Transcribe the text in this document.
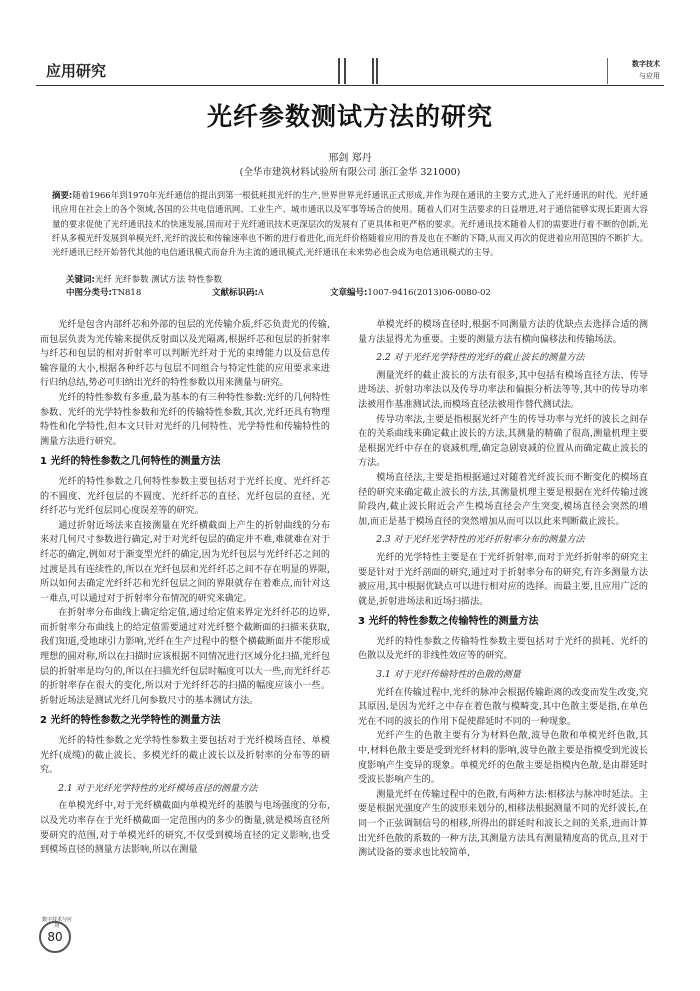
应用研究	数字技术
与应用
光纤参数测试方法的研究
邢剑 郑丹
(全华市建筑材料试验所有限公司 浙江金华 321000)
摘要:随着1966年到1970年光纤通信的提出到第一根低耗损光纤的生产,世界世界光纤通讯正式形成,并作为现在通讯的主要方式,进入了光纤通讯的时代。光纤通讯应用在社会上的各个领域,各国的公共电信通讯网、工业生产、城市通讯以及军事等场合的使用。随着人们对生活要求的日益增进,对于通信能够实现长距离大容量的要求促使了光纤通讯技术的快速发展,国而对于光纤通讯技术更深层次的发展有了更具体和更严格的要求。光纤通讯技术随着人们的需要进行着不断的创新,光纤从多模光纤发展到单模光纤,光纤的波长和传输速率也不断的进行着进化,而光纤价格随着应用的普及也在不断的下降,从而又再次的促进着应用范围的不断扩大。光纤通讯已经开始替代其他的电信通讯模式而奋升为主流的通讯模式,光纤通讯在未来势必也会成为电信通讯模式的主导。
关键词:光纤 光纤参数 测试方法 特性参数
中图分类号:TN818	文献标识码:A	文章编号:1007-9416(2013)06-0080-02

光纤是包含内部纤芯和外部的包层的光传输介质,纤芯负责光的传输,而包层负责为光传输来提供反射面以及光隔离,根据纤芯和包层的折射率与纤芯和包层的相对折射率可以判断光纤对于光的束缚能力以及信息传输容量的大小,根据各种纤芯与包层不同组合与特定性能的应用要求来进行归纳总结,势必可归纳出光纤的特性参数以用来测量与研究。

光纤的特性参数有多重,最为基本的有三种特性参数:光纤的几何特性参数、光纤的光学特性参数和光纤的传输特性参数,其次,光纤还具有物理特性和化学特性,但本文只针对光纤的几何特性、光学特性和传输特性的测量方法进行研究。

1 光纤的特性参数之几何特性的测量方法

光纤的特性参数之几何特性参数主要包括对于光纤长度、光纤纤芯的不圆度、光纤包层的不圆度、光纤纤芯的直径、光纤包层的直径、光纤纤芯与光纤包层同心度误差等的研究。

通过折射近场法来直接测量在光纤横截面上产生的折射曲线的分布来对几何尺寸参数进行确定,对于对光纤包层的确定并不难,难就难在对于纤芯的确定,例如对于渐变型光纤的确定,因为光纤包层与光纤纤芯之间的过渡是具有连续性的,所以在光纤包层和光纤纤芯之间不存在明显的界限,所以如何去确定光纤纤芯和光纤包层之间的界限就存在着难点,而针对这一难点,可以通过对于折射率分布情况的研究来确定。

在折射率分布曲线上确定给定值,通过给定值来界定光纤纤芯的边界,而折射率分布曲线上的给定值需要通过对光纤整个截断面的扫描来获取,我们知道,受地球引力影响,光纤在生产过程中的整个横截断面并不能形成理想的圆对称,所以在扫描时应该根据不同情况进行区域分化扫描,光纤包层的折射率是均匀的,所以在扫描光纤包层时幅度可以大一些,而光纤纤芯的折射率存在很大的变化,所以对于光纤纤芯的扫描的幅度应该小一些。折射近场法是测试光纤几何参数尺寸的基本测试方法。

2 光纤的特性参数之光学特性的测量方法

光纤的特性参数之光学特性参数主要包括对于光纤模场直径、单模光纤(成缆)的截止波长、多模光纤的截止波长以及折射率的分布等的研究。

2.1 对于光纤光学特性的光纤模场直径的测量方法

在单模光纤中,对于光纤横截面内单模光纤的基膜与电场强度的分布,以及光功率存在于光纤横截面一定范围内的多少的衡量,就是模场直径所要研究的范围,对于单模光纤的研究,不仅受到模场直径的定义影响,也受到模场直径的测量方法影响,所以在测量

单模光纤的模场直径时,根据不同测量方法的优缺点去选择合适的测量方法显得尤为重要。主要的测量方法有横向偏移法和传输场法。

2.2 对于光纤光学特性的光纤的截止波长的测量方法

测量光纤的截止波长的方法有很多,其中包括有模场直径方法、传导进场法、折射功率法以及传导功率法和偏振分析法等等,其中的传导功率法被用作基准测试法,而模场直径法被用作替代测试法。

传导功率法,主要是指根据光纤产生的传导功率与光纤的波长之间存在的关系曲线来确定截止波长的方法,其测量的精确了很高,测量机理主要是根据光纤中存在的衰减机理,确定急剧衰减的位置从而确定截止波长的方法。

模场直径法,主要是指根据通过对随着光纤波长而不断变化的模场直径的研究来确定截止波长的方法,其测量机理主要是根据在光纤传输过渡阶段内,截止波长附近会产生模场直径会产生突变,模场直径会突然的增加,而正是基于模场直径的突然增加从而可以以此来判断截止波长。

2.3 对于光纤光学特性的光纤折射率分布的测量方法

光纤的光学特性主要是在于光纤折射率,而对于光纤折射率的研究主要是针对于光纤剖面的研究,通过对于折射率分布的研究,有许多测量方法被应用,其中根据优缺点可以进行相对应的选择。而最主要,且应用广泛的就是,折射进场法和近场扫描法。

3 光纤的特性参数之传输特性的测量方法

光纤的特性参数之传输特性参数主要包括对于光纤的损耗、光纤的色散以及光纤的非线性效应等的研究。

3.1 对于光纤传输特性的色散的测量

光纤在传输过程中,光纤的脉冲会根据传输距离的改变而发生改变,究其原因,是因为光纤之中存在着色散与模畸变,其中色散主要是指,在单色光在不同的波长的作用下促使群延时不同的一种现象。

光纤产生的色散主要有分为材料色散,波导色散和单模光纤色散,其中,材料色散主要是受到光纤材料的影响,波导色散主要是指模受到光波长度影响产生变异的现象。单模光纤的色散主要是指模内色散,是由群延时受波长影响产生的。

测量光纤在传输过程中的色散,有两种方法:相移法与脉冲时延法。主要是根据光强度产生的波形来划分的,相移法根据测量不同的光纤波长,在同一个正弦调制信号的相移,所得出的群延时和波长之间的关系,进而计算出光纤色散的系数的一种方法,其测量方法具有测量精度高的优点,且对于测试设备的要求也比较简单,

数字技术与应用
80
